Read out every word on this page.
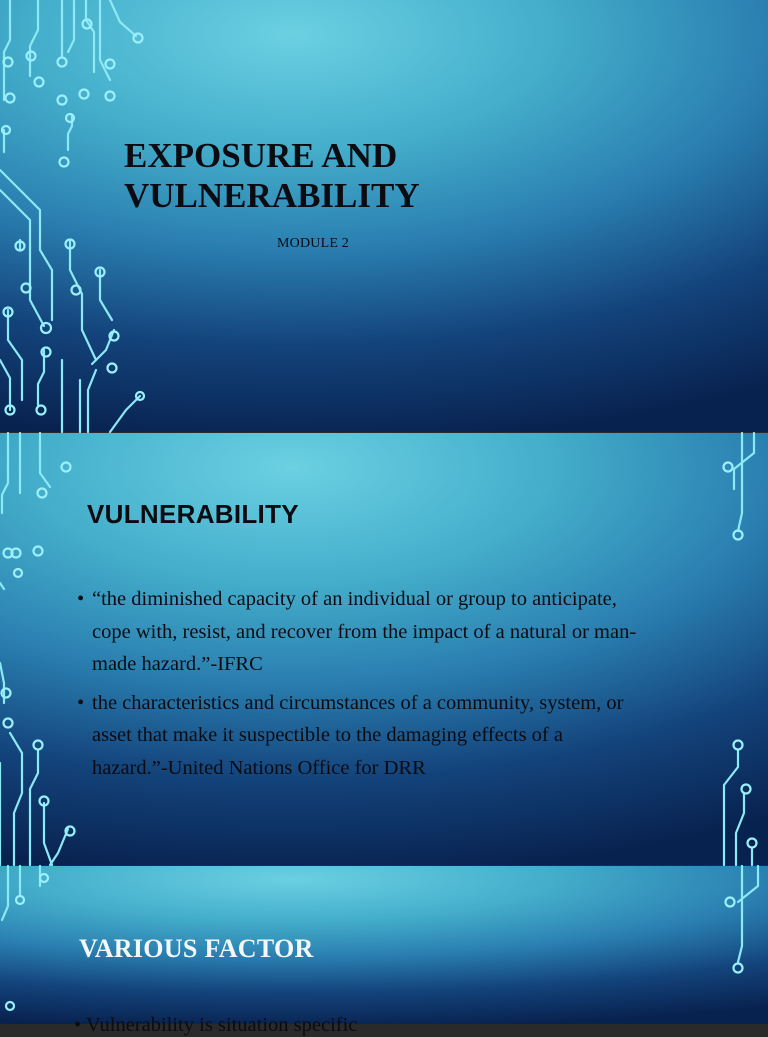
EXPOSURE AND
VULNERABILITY
MODULE 2
VULNERABILITY
• “the diminished capacity of an individual or group to anticipate,
cope with, resist, and recover from the impact of a natural or man-
made hazard.”-IFRC
• the characteristics and circumstances of a community, system, or
asset that make it suspectible to the damaging effects of a
hazard.”-United Nations Office for DRR
VARIOUS FACTOR
• Vulnerability is situation specific
